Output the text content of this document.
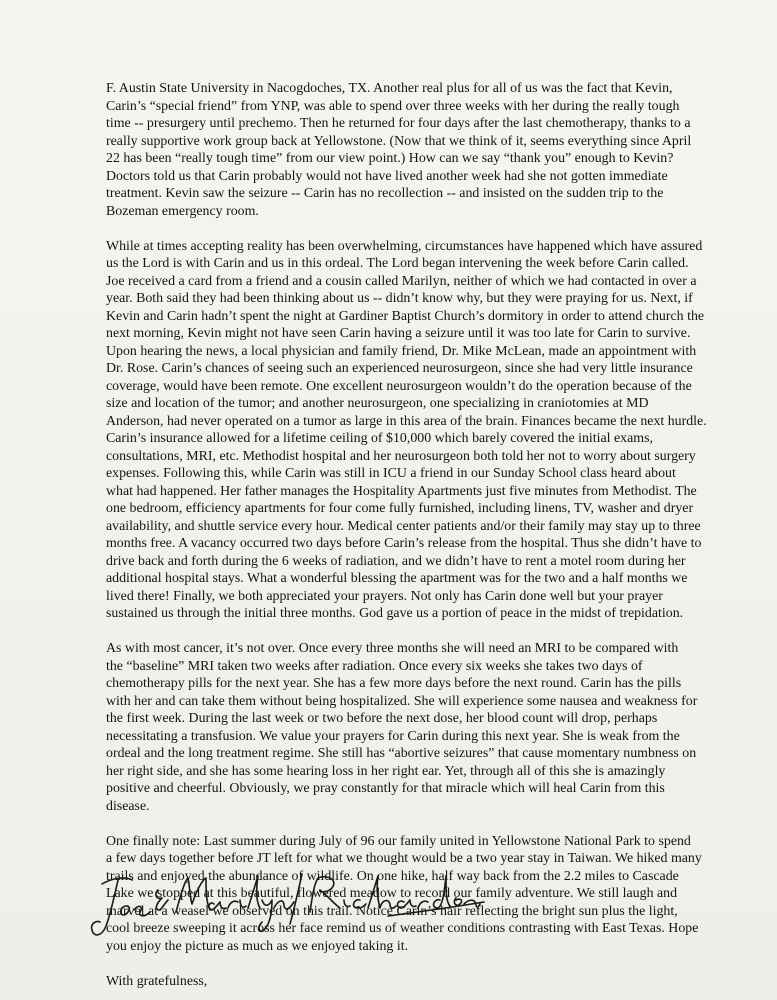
F. Austin State University in Nacogdoches, TX. Another real plus for all of us was the fact that Kevin,
Carin’s “special friend” from YNP, was able to spend over three weeks with her during the really tough
time -- presurgery until prechemo. Then he returned for four days after the last chemotherapy, thanks to a
really supportive work group back at Yellowstone. (Now that we think of it, seems everything since April
22 has been “really tough time” from our view point.) How can we say “thank you” enough to Kevin?
Doctors told us that Carin probably would not have lived another week had she not gotten immediate
treatment. Kevin saw the seizure -- Carin has no recollection -- and insisted on the sudden trip to the
Bozeman emergency room.
While at times accepting reality has been overwhelming, circumstances have happened which have assured
us the Lord is with Carin and us in this ordeal. The Lord began intervening the week before Carin called.
Joe received a card from a friend and a cousin called Marilyn, neither of which we had contacted in over a
year. Both said they had been thinking about us -- didn’t know why, but they were praying for us. Next, if
Kevin and Carin hadn’t spent the night at Gardiner Baptist Church’s dormitory in order to attend church the
next morning, Kevin might not have seen Carin having a seizure until it was too late for Carin to survive.
Upon hearing the news, a local physician and family friend, Dr. Mike McLean, made an appointment with
Dr. Rose. Carin’s chances of seeing such an experienced neurosurgeon, since she had very little insurance
coverage, would have been remote. One excellent neurosurgeon wouldn’t do the operation because of the
size and location of the tumor; and another neurosurgeon, one specializing in craniotomies at MD
Anderson, had never operated on a tumor as large in this area of the brain. Finances became the next hurdle.
Carin’s insurance allowed for a lifetime ceiling of $10,000 which barely covered the initial exams,
consultations, MRI, etc. Methodist hospital and her neurosurgeon both told her not to worry about surgery
expenses. Following this, while Carin was still in ICU a friend in our Sunday School class heard about
what had happened. Her father manages the Hospitality Apartments just five minutes from Methodist. The
one bedroom, efficiency apartments for four come fully furnished, including linens, TV, washer and dryer
availability, and shuttle service every hour. Medical center patients and/or their family may stay up to three
months free. A vacancy occurred two days before Carin’s release from the hospital. Thus she didn’t have to
drive back and forth during the 6 weeks of radiation, and we didn’t have to rent a motel room during her
additional hospital stays. What a wonderful blessing the apartment was for the two and a half months we
lived there! Finally, we both appreciated your prayers. Not only has Carin done well but your prayer
sustained us through the initial three months. God gave us a portion of peace in the midst of trepidation.
As with most cancer, it’s not over. Once every three months she will need an MRI to be compared with
the “baseline” MRI taken two weeks after radiation. Once every six weeks she takes two days of
chemotherapy pills for the next year. She has a few more days before the next round. Carin has the pills
with her and can take them without being hospitalized. She will experience some nausea and weakness for
the first week. During the last week or two before the next dose, her blood count will drop, perhaps
necessitating a transfusion. We value your prayers for Carin during this next year. She is weak from the
ordeal and the long treatment regime. She still has “abortive seizures” that cause momentary numbness on
her right side, and she has some hearing loss in her right ear. Yet, through all of this she is amazingly
positive and cheerful. Obviously, we pray constantly for that miracle which will heal Carin from this
disease.
One finally note: Last summer during July of 96 our family united in Yellowstone National Park to spend
a few days together before JT left for what we thought would be a two year stay in Taiwan. We hiked many
trails and enjoyed the abundance of wildlife. On one hike, half way back from the 2.2 miles to Cascade
Lake we stopped at this beautiful, flowered meadow to record our family adventure. We still laugh and
marvel at a weasel we observed on this trail. Notice Carin’s hair reflecting the bright sun plus the light,
cool breeze sweeping it across her face remind us of weather conditions contrasting with East Texas. Hope
you enjoy the picture as much as we enjoyed taking it.
With gratefulness,
